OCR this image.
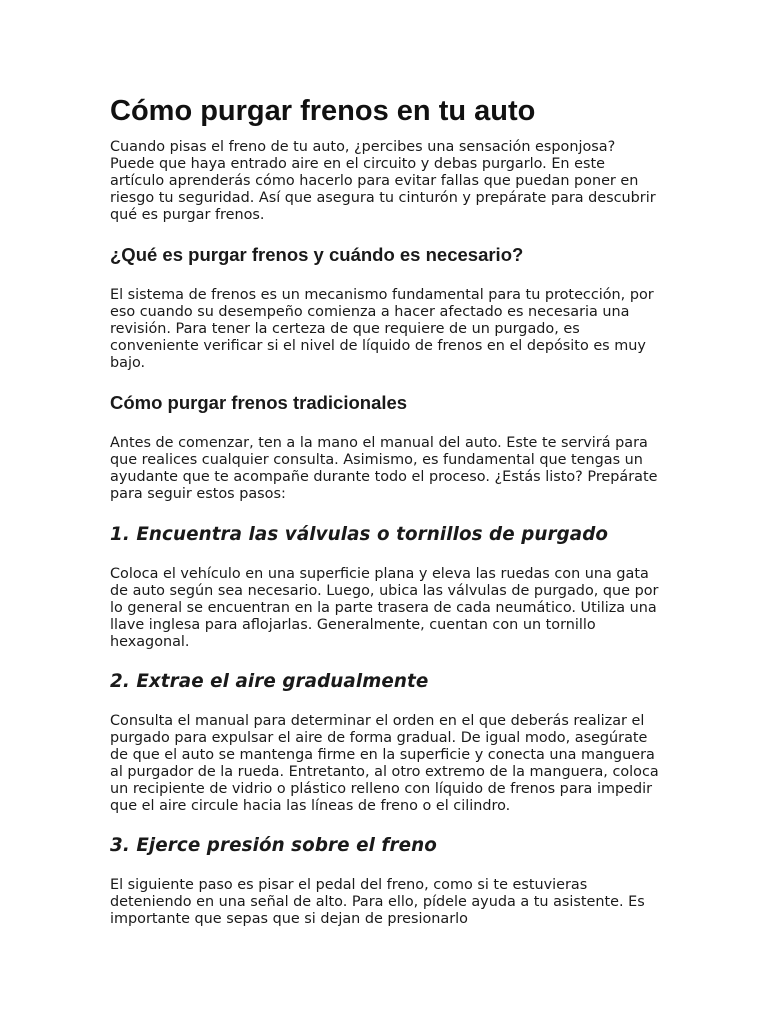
Cómo purgar frenos en tu auto

Cuando pisas el freno de tu auto, ¿percibes una sensación esponjosa? Puede que haya entrado aire en el circuito y debas purgarlo. En este artículo aprenderás cómo hacerlo para evitar fallas que puedan poner en riesgo tu seguridad. Así que asegura tu cinturón y prepárate para descubrir qué es purgar frenos.

¿Qué es purgar frenos y cuándo es necesario?

El sistema de frenos es un mecanismo fundamental para tu protección, por eso cuando su desempeño comienza a hacer afectado es necesaria una revisión. Para tener la certeza de que requiere de un purgado, es conveniente verificar si el nivel de líquido de frenos en el depósito es muy bajo.

Cómo purgar frenos tradicionales

Antes de comenzar, ten a la mano el manual del auto. Este te servirá para que realices cualquier consulta. Asimismo, es fundamental que tengas un ayudante que te acompañe durante todo el proceso. ¿Estás listo? Prepárate para seguir estos pasos:

1. Encuentra las válvulas o tornillos de purgado

Coloca el vehículo en una superficie plana y eleva las ruedas con una gata de auto según sea necesario. Luego, ubica las válvulas de purgado, que por lo general se encuentran en la parte trasera de cada neumático. Utiliza una llave inglesa para aflojarlas. Generalmente, cuentan con un tornillo hexagonal.

2. Extrae el aire gradualmente

Consulta el manual para determinar el orden en el que deberás realizar el purgado para expulsar el aire de forma gradual. De igual modo, asegúrate de que el auto se mantenga firme en la superficie y conecta una manguera al purgador de la rueda. Entretanto, al otro extremo de la manguera, coloca un recipiente de vidrio o plástico relleno con líquido de frenos para impedir que el aire circule hacia las líneas de freno o el cilindro.

3. Ejerce presión sobre el freno

El siguiente paso es pisar el pedal del freno, como si te estuvieras deteniendo en una señal de alto. Para ello, pídele ayuda a tu asistente. Es importante que sepas que si dejan de presionarlo
